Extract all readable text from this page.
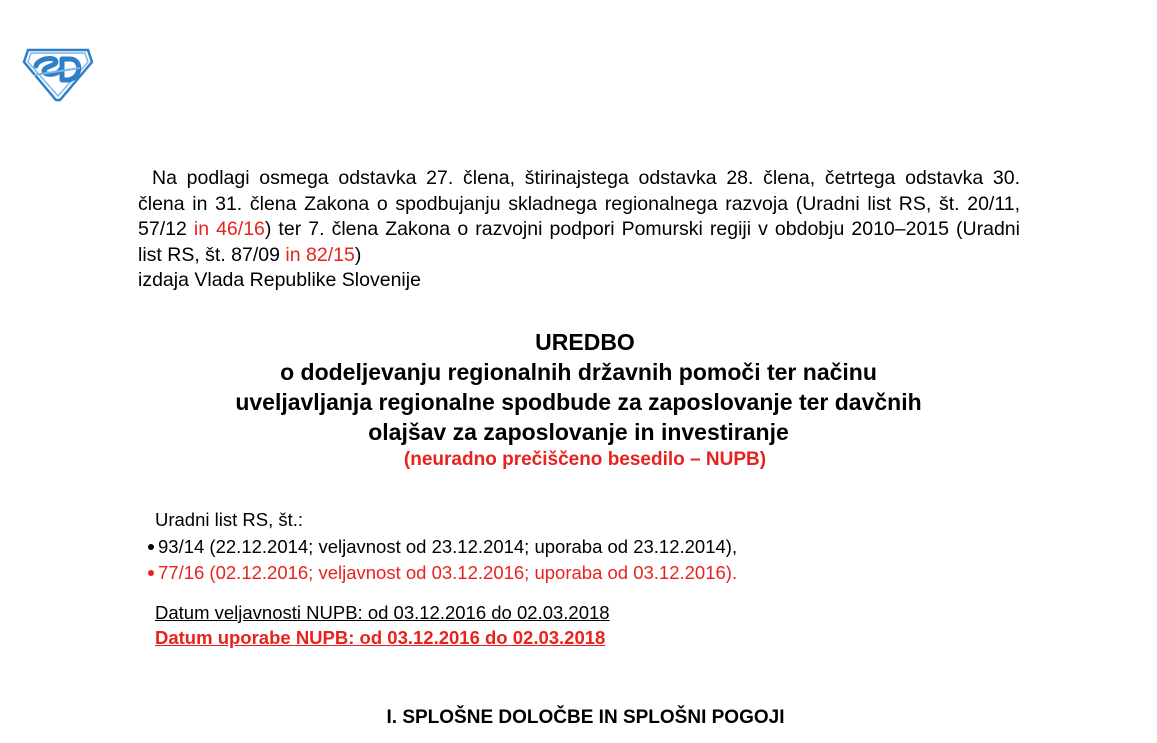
Na podlagi osmega odstavka 27. člena, štirinajstega odstavka 28. člena, četrtega odstavka 30. člena in 31. člena Zakona o spodbujanju skladnega regionalnega razvoja (Uradni list RS, št. 20/11, 57/12 in 46/16) ter 7. člena Zakona o razvojni podpori Pomurski regiji v obdobju 2010–2015 (Uradni list RS, št. 87/09 in 82/15)
izdaja Vlada Republike Slovenije

UREDBO

o dodeljevanju regionalnih državnih pomoči ter načinu

uveljavljanja regionalne spodbude za zaposlovanje ter davčnih

olajšav za zaposlovanje in investiranje

(neuradno prečiščeno besedilo – NUPB)

Uradni list RS, št.:
93/14 (22.12.2014; veljavnost od 23.12.2014; uporaba od 23.12.2014),
77/16 (02.12.2016; veljavnost od 03.12.2016; uporaba od 03.12.2016).
Datum veljavnosti NUPB: od 03.12.2016 do 02.03.2018
Datum uporabe NUPB: od 03.12.2016 do 02.03.2018
I. SPLOŠNE DOLOČBE IN SPLOŠNI POGOJI
